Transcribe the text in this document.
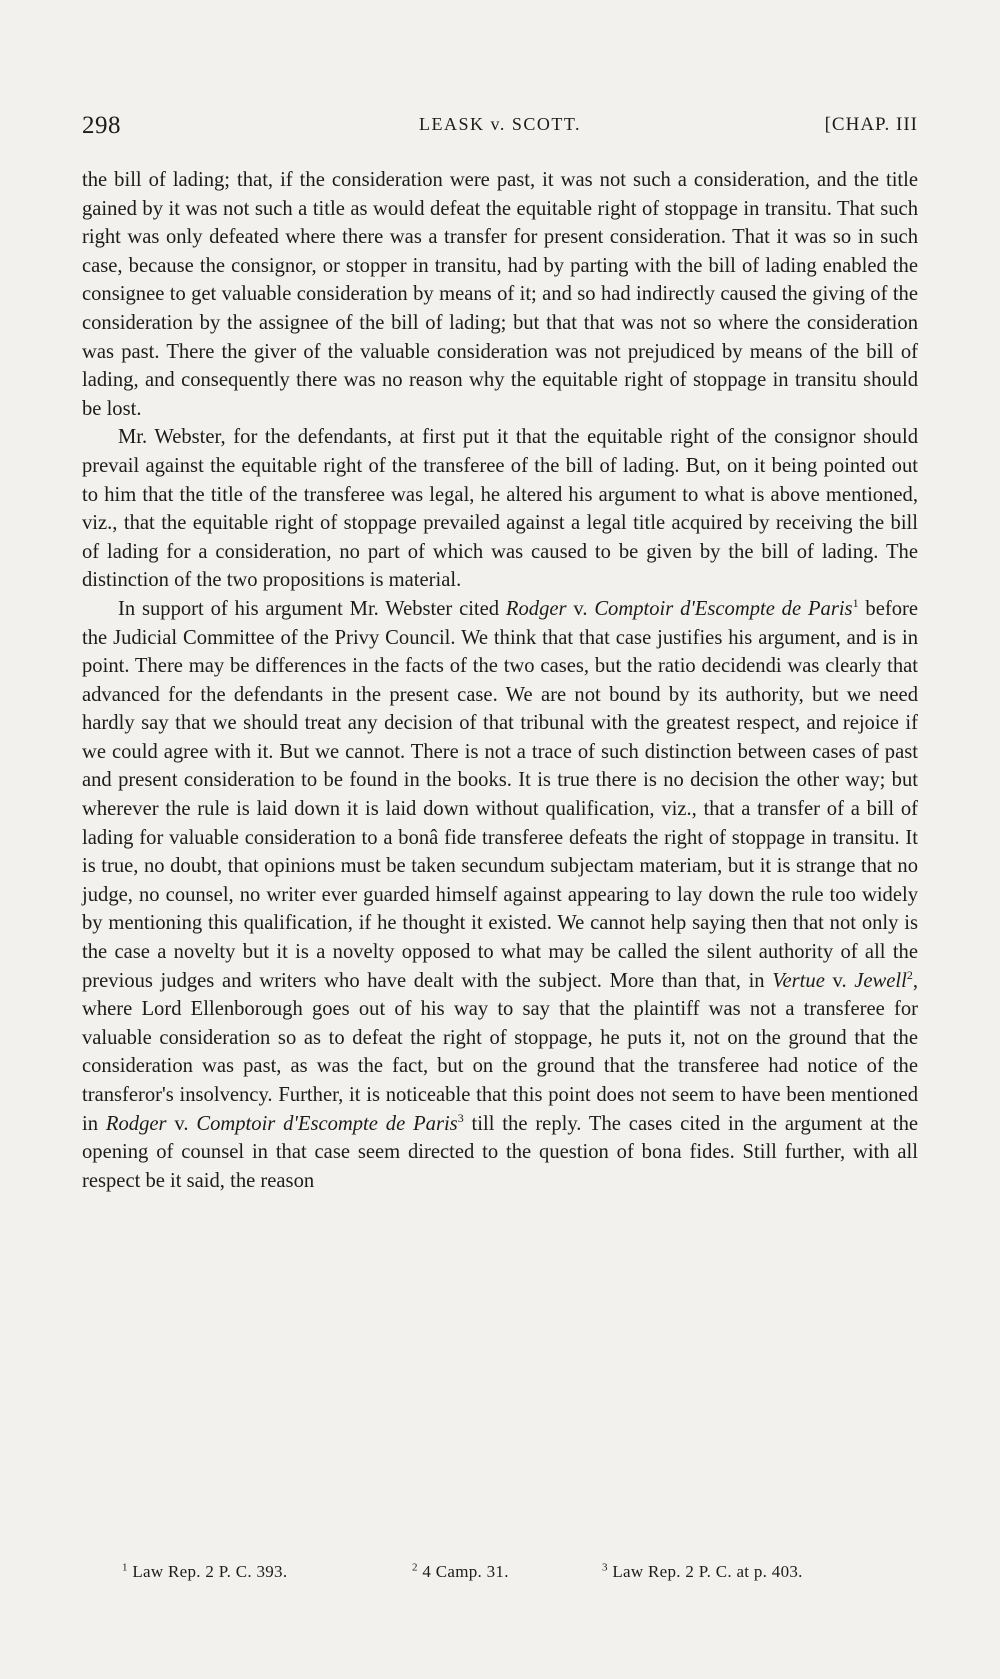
298	LEASK v. SCOTT.	[CHAP. III

the bill of lading; that, if the consideration were past, it was not such a consideration, and the title gained by it was not such a title as would defeat the equitable right of stoppage in transitu. That such right was only defeated where there was a transfer for present consideration. That it was so in such case, because the consignor, or stopper in transitu, had by parting with the bill of lading enabled the consignee to get valuable consideration by means of it; and so had indirectly caused the giving of the consideration by the assignee of the bill of lading; but that that was not so where the consideration was past. There the giver of the valuable consideration was not prejudiced by means of the bill of lading, and consequently there was no reason why the equitable right of stoppage in transitu should be lost.

Mr. Webster, for the defendants, at first put it that the equitable right of the consignor should prevail against the equitable right of the transferee of the bill of lading. But, on it being pointed out to him that the title of the transferee was legal, he altered his argument to what is above mentioned, viz., that the equitable right of stoppage prevailed against a legal title acquired by receiving the bill of lading for a consideration, no part of which was caused to be given by the bill of lading. The distinction of the two propositions is material.

In support of his argument Mr. Webster cited Rodger v. Comptoir d'Escompte de Paris$^1$ before the Judicial Committee of the Privy Council. We think that that case justifies his argument, and is in point. There may be differences in the facts of the two cases, but the ratio decidendi was clearly that advanced for the defendants in the present case. We are not bound by its authority, but we need hardly say that we should treat any decision of that tribunal with the greatest respect, and rejoice if we could agree with it. But we cannot. There is not a trace of such distinction between cases of past and present consideration to be found in the books. It is true there is no decision the other way; but wherever the rule is laid down it is laid down without qualification, viz., that a transfer of a bill of lading for valuable consideration to a bonâ fide transferee defeats the right of stoppage in transitu. It is true, no doubt, that opinions must be taken secundum subjectam materiam, but it is strange that no judge, no counsel, no writer ever guarded himself against appearing to lay down the rule too widely by mentioning this qualification, if he thought it existed. We cannot help saying then that not only is the case a novelty but it is a novelty opposed to what may be called the silent authority of all the previous judges and writers who have dealt with the subject. More than that, in Vertue v. Jewell$^2$, where Lord Ellenborough goes out of his way to say that the plaintiff was not a transferee for valuable consideration so as to defeat the right of stoppage, he puts it, not on the ground that the consideration was past, as was the fact, but on the ground that the transferee had notice of the transferor's insolvency. Further, it is noticeable that this point does not seem to have been mentioned in Rodger v. Comptoir d'Escompte de Paris$^3$ till the reply. The cases cited in the argument at the opening of counsel in that case seem directed to the question of bona fides. Still further, with all respect be it said, the reason

$^1$ Law Rep. 2 P. C. 393.	$^2$ 4 Camp. 31.	$^3$ Law Rep. 2 P. C. at p. 403.
